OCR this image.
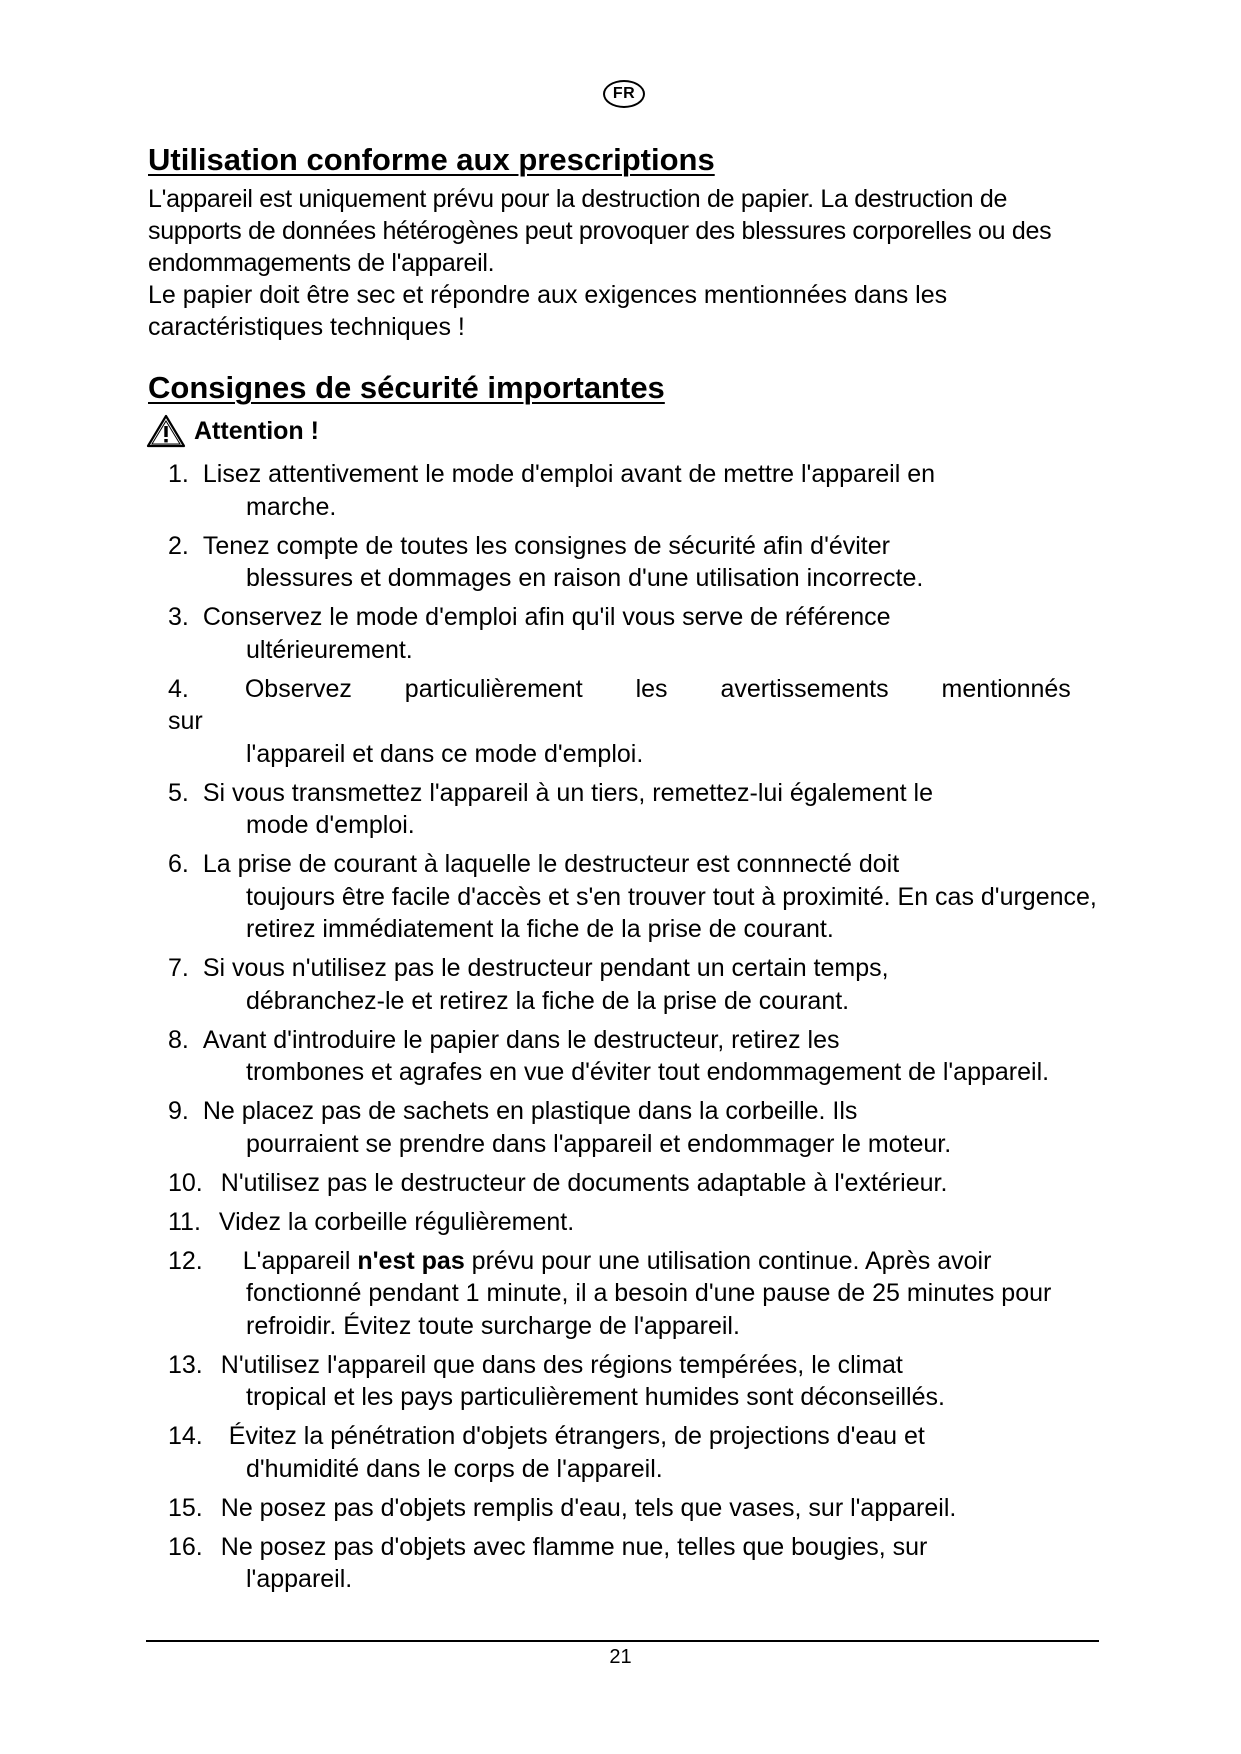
FR
Utilisation conforme aux prescriptions

L'appareil est uniquement prévu pour la destruction de papier. La destruction de supports de données hétérogènes peut provoquer des blessures corporelles ou des endommagements de l'appareil.

Le papier doit être sec et répondre aux exigences mentionnées dans les caractéristiques techniques !

Consignes de sécurité importantes
Attention !
1. Lisez attentivement le mode d'emploi avant de mettre l'appareil en
marche.
2. Tenez compte de toutes les consignes de sécurité afin d'éviter
blessures et dommages en raison d'une utilisation incorrecte.
3. Conservez le mode d'emploi afin qu'il vous serve de référence
ultérieurement.
4. Observez particulièrement les avertissements mentionnés sur
l'appareil et dans ce mode d'emploi.
5. Si vous transmettez l'appareil à un tiers, remettez-lui également le
mode d'emploi.
6. La prise de courant à laquelle le destructeur est connnecté doit
toujours être facile d'accès et s'en trouver tout à proximité. En cas d'urgence, retirez immédiatement la fiche de la prise de courant.
7. Si vous n'utilisez pas le destructeur pendant un certain temps,
débranchez-le et retirez la fiche de la prise de courant.
8. Avant d'introduire le papier dans le destructeur, retirez les
trombones et agrafes en vue d'éviter tout endommagement de l'appareil.
9. Ne placez pas de sachets en plastique dans la corbeille. Ils
pourraient se prendre dans l'appareil et endommager le moteur.
10. N'utilisez pas le destructeur de documents adaptable à l'extérieur.
11. Videz la corbeille régulièrement.
12. L'appareil n'est pas prévu pour une utilisation continue. Après avoir
fonctionné pendant 1 minute, il a besoin d'une pause de 25 minutes pour refroidir. Évitez toute surcharge de l'appareil.
13. N'utilisez l'appareil que dans des régions tempérées, le climat
tropical et les pays particulièrement humides sont déconseillés.
14. Évitez la pénétration d'objets étrangers, de projections d'eau et
d'humidité dans le corps de l'appareil.
15. Ne posez pas d'objets remplis d'eau, tels que vases, sur l'appareil.
16. Ne posez pas d'objets avec flamme nue, telles que bougies, sur
l'appareil.
21
